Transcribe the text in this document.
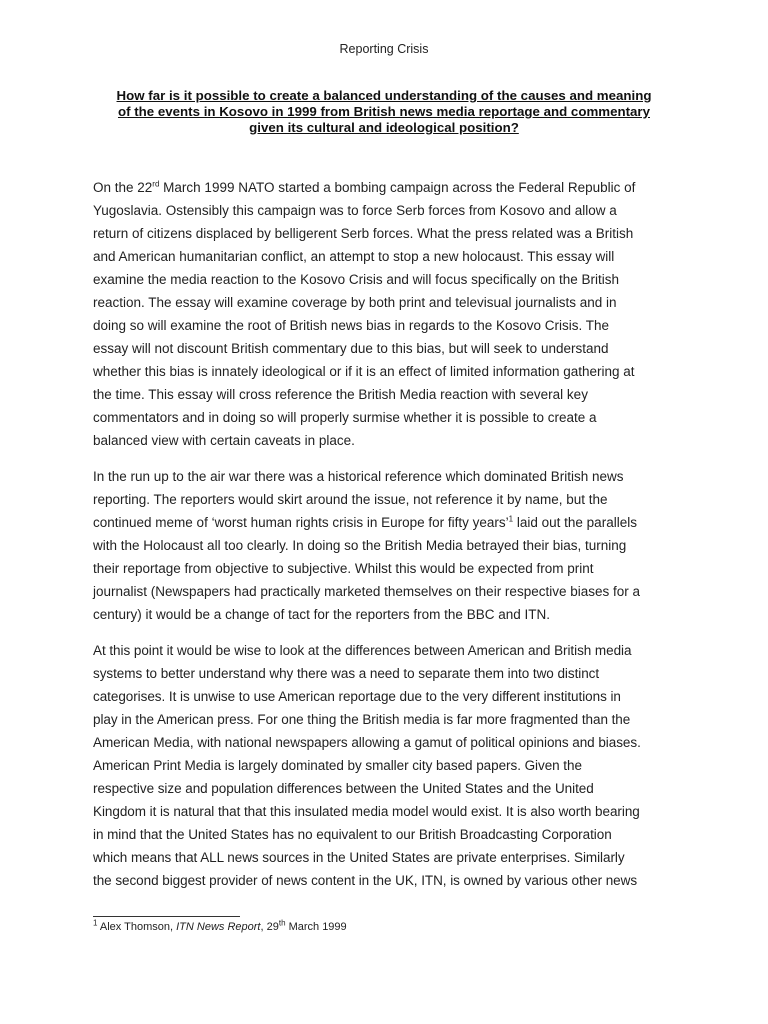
Reporting Crisis
How far is it possible to create a balanced understanding of the causes and meaning
of the events in Kosovo in 1999 from British news media reportage and commentary
given its cultural and ideological position?

On the 22rd March 1999 NATO started a bombing campaign across the Federal Republic of
Yugoslavia. Ostensibly this campaign was to force Serb forces from Kosovo and allow a
return of citizens displaced by belligerent Serb forces. What the press related was a British
and American humanitarian conflict, an attempt to stop a new holocaust. This essay will
examine the media reaction to the Kosovo Crisis and will focus specifically on the British
reaction. The essay will examine coverage by both print and televisual journalists and in
doing so will examine the root of British news bias in regards to the Kosovo Crisis. The
essay will not discount British commentary due to this bias, but will seek to understand
whether this bias is innately ideological or if it is an effect of limited information gathering at
the time. This essay will cross reference the British Media reaction with several key
commentators and in doing so will properly surmise whether it is possible to create a
balanced view with certain caveats in place.

In the run up to the air war there was a historical reference which dominated British news
reporting. The reporters would skirt around the issue, not reference it by name, but the
continued meme of ‘worst human rights crisis in Europe for fifty years’$^1$ laid out the parallels
with the Holocaust all too clearly. In doing so the British Media betrayed their bias, turning
their reportage from objective to subjective. Whilst this would be expected from print
journalist (Newspapers had practically marketed themselves on their respective biases for a
century) it would be a change of tact for the reporters from the BBC and ITN.

At this point it would be wise to look at the differences between American and British media
systems to better understand why there was a need to separate them into two distinct
categorises. It is unwise to use American reportage due to the very different institutions in
play in the American press. For one thing the British media is far more fragmented than the
American Media, with national newspapers allowing a gamut of political opinions and biases.
American Print Media is largely dominated by smaller city based papers. Given the
respective size and population differences between the United States and the United
Kingdom it is natural that that this insulated media model would exist. It is also worth bearing
in mind that the United States has no equivalent to our British Broadcasting Corporation
which means that ALL news sources in the United States are private enterprises. Similarly
the second biggest provider of news content in the UK, ITN, is owned by various other news

$^1$ Alex Thomson, ITN News Report, 29th March 1999
